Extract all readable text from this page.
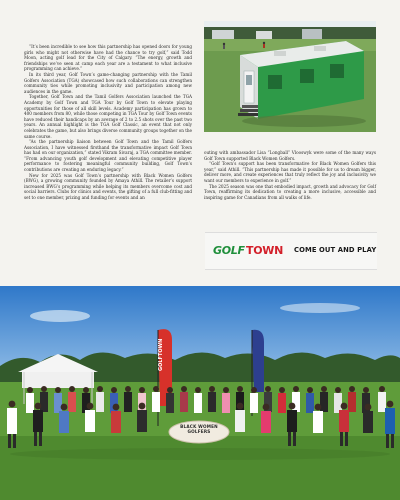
“It’s been incredible to see how this partnership has opened doors for young girls who might not otherwise have had the chance to try golf,” said Todd Moon, acting golf lead for the City of Calgary. “The energy, growth and friendships we’ve seen at camp each year are a testament to what inclusive programming can achieve.”

In its third year, Golf Town’s game-changing partnership with the Tamil Golfers Association (TGA) showcased how such collaborations can strengthen community ties while promoting inclusivity and participation among new audiences in the game.

Together, Golf Town and the Tamil Golfers Association launched the TGA Academy by Golf Town and TGA Tour by Golf Town to elevate playing opportunities for those of all skill levels. Academy participation has grown to 400 members from 80, while those competing in TGA Tour by Golf Town events have reduced their handicaps by an average of 2 to 2.5 shots over the past two years. An annual highlight is the TGA Golf Classic, an event that not only celebrates the game, but also brings diverse community groups together on the same course.

“As the partnership liaison between Golf Town and the Tamil Golfers Association, I have witnessed firsthand the transformative impact Golf Town has had on our organization,” stated Vikram Sivaraj, a TGA committee member. “From advancing youth golf development and elevating competitive player performance to fostering meaningful community building, Golf Town’s contributions are creating an enduring legacy.”

New for 2025 was Golf Town’s partnership with Black Women Golfers (BWG), a growing community founded by Amaya Athill. The retailer’s support increased BWG’s programming while helping its members overcome cost and social barriers. Clubs for clinics and events, the gifting of a full club-fitting and set to one member, prizing and funding for events and an

outing with ambassador Lisa “Longball” Vlooswyk were some of the many ways Golf Town supported Black Women Golfers.

“Golf Town’s support has been transformative for Black Women Golfers this year,” said Athill. “This partnership has made it possible for us to dream bigger, deliver more, and create experiences that truly reflect the joy and inclusivity we want our members to experience in golf.”

The 2025 season was one that embodied impact, growth and advocacy for Golf Town, reaffirming its dedication to creating a more inclusive, accessible and inspiring game for Canadians from all walks of life.

GOLF TOWN COME OUT AND PLAY
GOLFTOWN
BLACK WOMEN
GOLFERS
